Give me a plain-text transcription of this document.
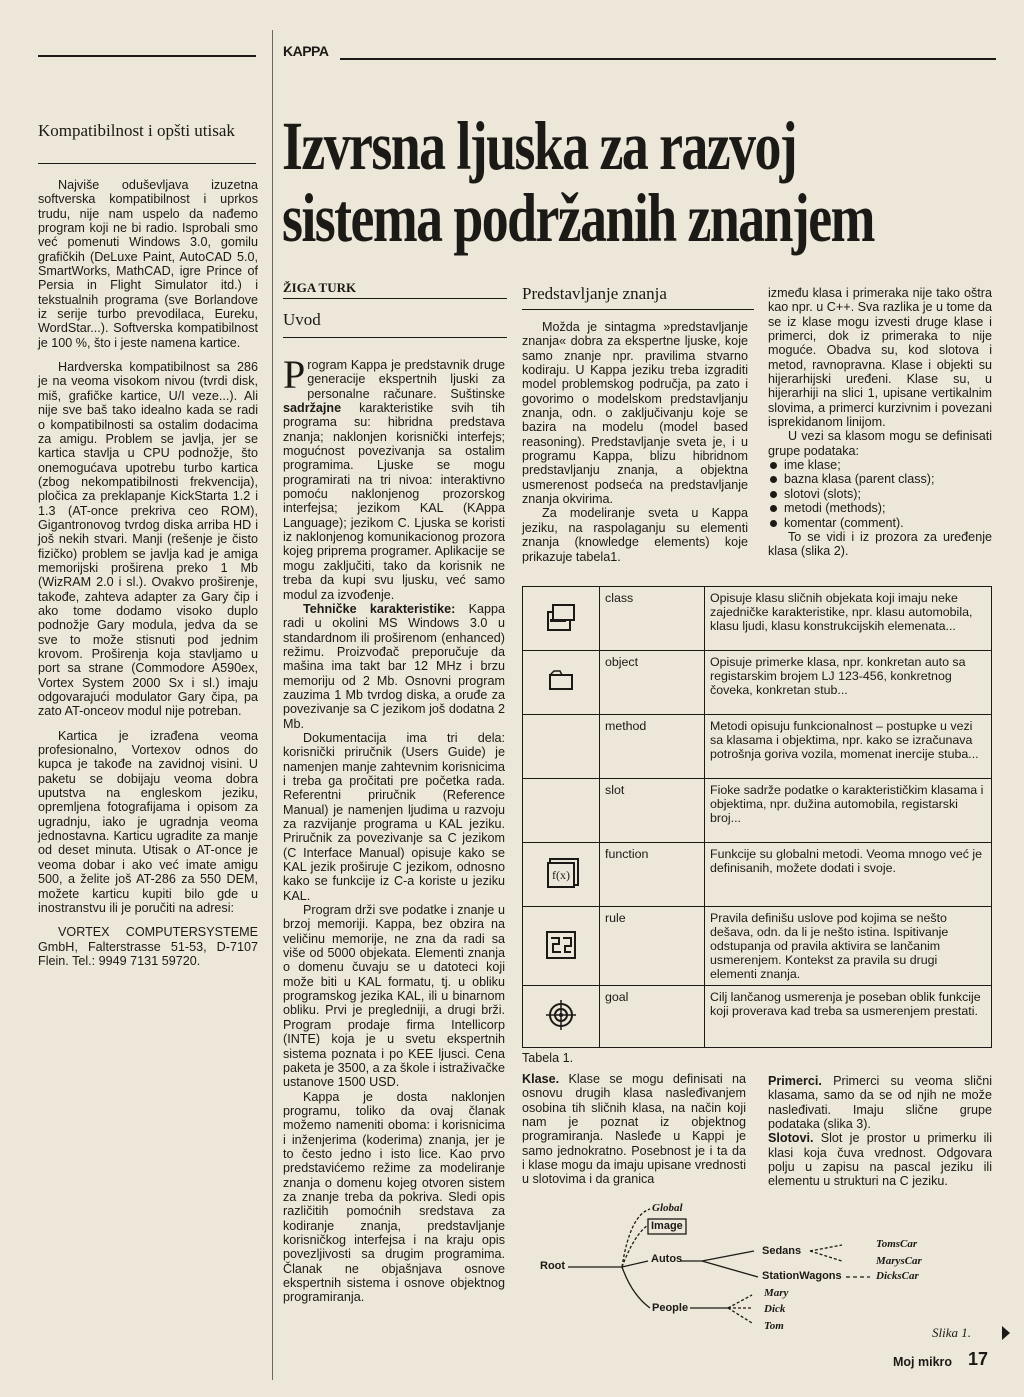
KAPPA
Izvrsna ljuska za razvoj
sistema podržanih znanjem
Kompatibilnost i opšti utisak

Najviše oduševljava izuzetna softverska kompatibilnost i uprkos trudu, nije nam uspelo da nađemo program koji ne bi radio. Isprobali smo već pomenuti Windows 3.0, gomilu grafičkih (DeLuxe Paint, AutoCAD 5.0, SmartWorks, MathCAD, igre Prince of Persia in Flight Simulator itd.) i tekstualnih programa (sve Borlandove iz serije turbo prevodilaca, Eureku, WordStar...). Softverska kompatibilnost je 100 %, što i jeste namena kartice.

Hardverska kompatibilnost sa 286 je na veoma visokom nivou (tvrdi disk, miš, grafičke kartice, U/I veze...). Ali nije sve baš tako idealno kada se radi o kompatibilnosti sa ostalim dodacima za amigu. Problem se javlja, jer se kartica stavlja u CPU podnožje, što onemogućava upotrebu turbo kartica (zbog nekompatibilnosti frekvencija), pločica za preklapanje KickStarta 1.2 i 1.3 (AT-once prekriva ceo ROM), Gigantronovog tvrdog diska arriba HD i još nekih stvari. Manji (rešenje je čisto fizičko) problem se javlja kad je amiga memorijski proširena preko 1 Mb (WizRAM 2.0 i sl.). Ovakvo proširenje, takođe, zahteva adapter za Gary čip i ako tome dodamo visoko duplo podnožje Gary modula, jedva da se sve to može stisnuti pod jednim krovom. Proširenja koja stavljamo u port sa strane (Commodore A590ex, Vortex System 2000 Sx i sl.) imaju odgovarajući modulator Gary čipa, pa zato AT-onceov modul nije potreban.

Kartica je izrađena veoma profesionalno, Vortexov odnos do kupca je takođe na zavidnoj visini. U paketu se dobijaju veoma dobra uputstva na engleskom jeziku, opremljena fotografijama i opisom za ugradnju, iako je ugradnja veoma jednostavna. Karticu ugradite za manje od deset minuta. Utisak o AT-once je veoma dobar i ako već imate amigu 500, a želite još AT-286 za 550 DEM, možete karticu kupiti bilo gde u inostranstvu ili je poručiti na adresi:

VORTEX COMPUTERSYSTEME GmbH, Falterstrasse 51-53, D-7107 Flein. Tel.: 9949 7131 59720.

ŽIGA TURK
Uvod

Program Kappa je predstavnik druge generacije ekspertnih ljuski za personalne računare. Suštinske sadržajne karakteristike svih tih programa su: hibridna predstava znanja; naklonjen korisnički interfejs; mogućnost povezivanja sa ostalim programima. Ljuske se mogu programirati na tri nivoa: interaktivno pomoću naklonjenog prozorskog interfejsa; jezikom KAL (KAppa Language); jezikom C. Ljuska se koristi iz naklonjenog komunikacionog prozora kojeg pripremа programer. Aplikacije se mogu zaključiti, tako da korisnik ne treba da kupi svu ljusku, već samo modul za izvođenje.

Tehničke karakteristike: Kappa radi u okolini MS Windows 3.0 u standardnom ili proširenom (enhanced) režimu. Proizvođač preporučuje da mašina ima takt bar 12 MHz i brzu memoriju od 2 Mb. Osnovni program zauzima 1 Mb tvrdog diska, a oruđe za povezivanje sa C jezikom još dodatna 2 Mb.

Dokumentacija ima tri dela: korisnički priručnik (Users Guide) je namenjen manje zahtevnim korisnicima i treba ga pročitati pre početka rada. Referentni priručnik (Reference Manual) je namenjen ljudima u razvoju za razvijanje programa u KAL jeziku. Priručnik za povezivanje sa C jezikom (C Interface Manual) opisuje kako se KAL jezik proširuje C jezikom, odnosno kako se funkcije iz C-a koriste u jeziku KAL.

Program drži sve podatke i znanje u brzoj memoriji. Kappa, bez obzira na veličinu memorije, ne zna da radi sa više od 5000 objekata. Elementi znanja o domenu čuvaju se u datoteci koji može biti u KAL formatu, tj. u obliku programskog jezika KAL, ili u binarnom obliku. Prvi je pregledniji, a drugi brži. Program prodaje firma Intellicorp (INTE) koja je u svetu ekspertnih sistema poznata i po KEE ljusci. Cena paketa je 3500, a za škole i istraživačke ustanove 1500 USD.

Kappa je dosta naklonjen programu, toliko da ovaj članak možemo nameniti oboma: i korisnicima i inženjerima (koderima) znanja, jer je to često jedno i isto lice. Kao prvo predstavićemo režime za modeliranje znanja o domenu kojeg otvoren sistem za znanje treba da pokriva. Sledi opis različitih pomoćnih sredstava za kodiranje znanja, predstavljanje korisničkog interfejsa i na kraju opis povezljivosti sa drugim programima. Članak ne objašnjava osnove ekspertnih sistema i osnove objektnog programiranja.

Predstavljanje znanja

Možda je sintagma »predstavljanje znanja« dobra za ekspertne ljuske, koje samo znanje npr. pravilima stvarno kodiraju. U Kappa jeziku treba izgraditi model problemskog područja, pa zato i govorimo o modelskom predstavljanju znanja, odn. o zaključivanju koje se bazira na modelu (model based reasoning). Predstavljanje sveta je, i u programu Kappa, blizu hibridnom predstavljanju znanja, a objektna usmerenost podseća na predstavljanje znanja okvirima.

Za modeliranje sveta u Kappa jeziku, na raspolaganju su elementi znanja (knowledge elements) koje prikazuje tabela1.

između klasa i primeraka nije tako oštra kao npr. u C++. Sva razlika je u tome da se iz klase mogu izvesti druge klase i primerci, dok iz primeraka to nije moguće. Obadva su, kod slotova i metod, ravnopravna. Klase i objekti su hijerarhijski uređeni. Klase su, u hijerarhiji na slici 1, upisane vertikalnim slovima, a primerci kurzivnim i povezani isprekidanom linijom.

U vezi sa klasom mogu se definisati grupe podataka:

ime klase;
bazna klasa (parent class);
slotovi (slots);
metodi (methods);
komentar (comment).

To se vidi i iz prozora za uređenje klasa (slika 2).

	class	Opisuje klasu sličnih objekata koji imaju neke zajedničke karakteristike, npr. klasu automobila, klasu ljudi, klasu konstrukcijskih elemenata...
	object	Opisuje primerke klasa, npr. konkretan auto sa registarskim brojem LJ 123-456, konkretnog čoveka, konkretan stub...
	method	Metodi opisuju funkcionalnost – postupke u vezi sa klasama i objektima, npr. kako se izračunava potrošnja goriva vozila, momenat inercije stuba...
	slot	Fioke sadrže podatke o karakterističkim klasama i objektima, npr. dužina automobila, registarski broj...
f(x)	function	Funkcije su globalni metodi. Veoma mnogo već je definisanih, možete dodati i svoje.
	rule	Pravila definišu uslove pod kojima se nešto dešava, odn. da li je nešto istina. Ispitivanje odstupanja od pravila aktivira se lančanim usmerenjem. Kontekst za pravila su drugi elementi znanja.
	goal	Cilj lančanog usmerenja je poseban oblik funkcije koji proverava kad treba sa usmerenjem prestati.
Tabela 1.

Klase. Klase se mogu definisati na osnovu drugih klasa nasleđivanjem osobina tih sličnih klasa, na način koji nam je poznat iz objektnog programiranja. Nasleđe u Kappi je samo jednokratno. Posebnost je i ta da i klase mogu da imaju upisane vrednosti u slotovima i da granica

Primerci. Primerci su veoma slični klasama, samo da se od njih ne može nasleđivati. Imaju slične grupe podataka (slika 3).

Slotovi. Slot je prostor u primerku ili klasi koja čuva vrednost. Odgovara polju u zapisu na pascal jeziku ili elementu u strukturi na C jeziku.

Root
Global
Image
Autos
People
Sedans
StationWagons
TomsCar
MarysCar
DicksCar
Mary
Dick
Tom	Slika 1.
Moj mikro 17
